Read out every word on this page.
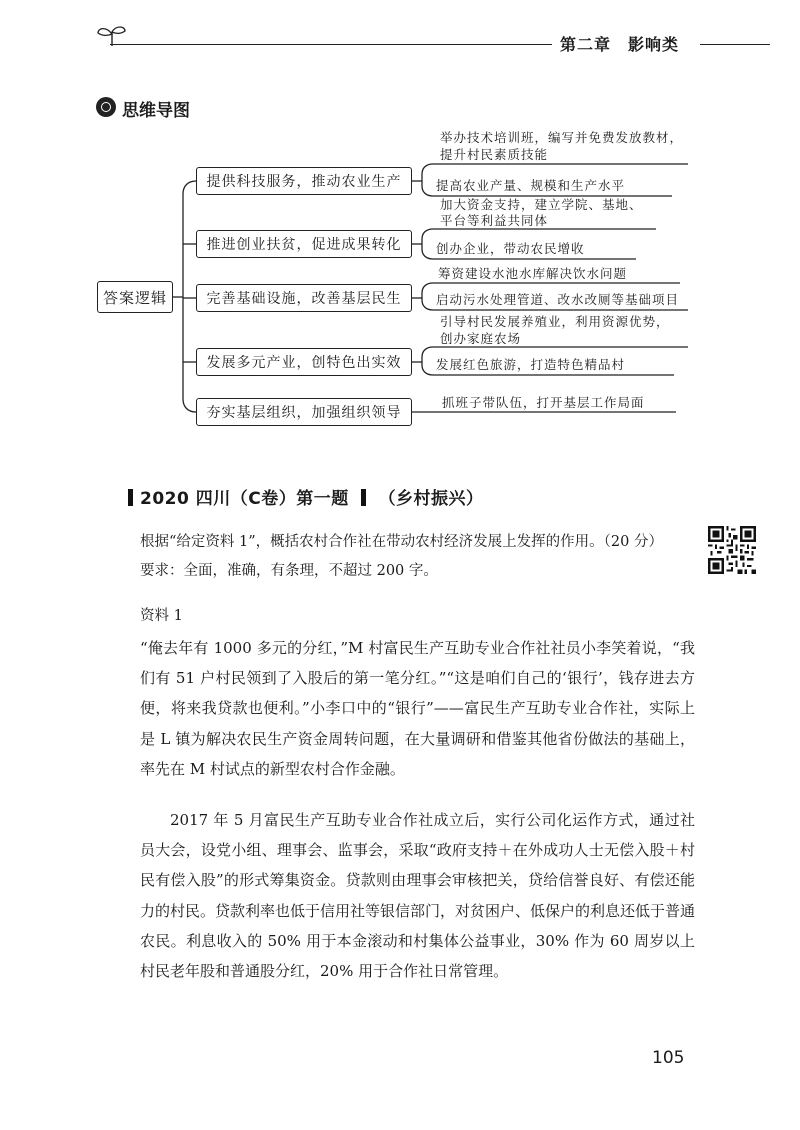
第二章　影响类
思维导图
答案逻辑
提供科技服务，推动农业生产
推进创业扶贫，促进成果转化
完善基础设施，改善基层民生
发展多元产业，创特色出实效
夯实基层组织，加强组织领导
举办技术培训班，编写并免费发放教材，
提升村民素质技能
提高农业产量、规模和生产水平
加大资金支持，建立学院、基地、
平台等利益共同体
创办企业，带动农民增收
筹资建设水池水库解决饮水问题
启动污水处理管道、改水改厕等基础项目
引导村民发展养殖业，利用资源优势，
创办家庭农场
发展红色旅游，打造特色精品村
抓班子带队伍，打开基层工作局面
2020 四川（C卷）第一题 （乡村振兴）
根据“给定资料 1”，概括农村合作社在带动农村经济发展上发挥的作用。（20 分）
要求：全面，准确，有条理，不超过 200 字。
资料 1
“俺去年有 1000 多元的分红，”M 村富民生产互助专业合作社社员小李笑着说，“我们有 51 户村民领到了入股后的第一笔分红。”“这是咱们自己的‘银行’，钱存进去方便，将来我贷款也便利。”小李口中的“银行”——富民生产互助专业合作社，实际上是 L 镇为解决农民生产资金周转问题，在大量调研和借鉴其他省份做法的基础上，率先在 M 村试点的新型农村合作金融。
2017 年 5 月富民生产互助专业合作社成立后，实行公司化运作方式，通过社员大会，设党小组、理事会、监事会，采取“政府支持＋在外成功人士无偿入股＋村民有偿入股”的形式筹集资金。贷款则由理事会审核把关，贷给信誉良好、有偿还能力的村民。贷款利率也低于信用社等银信部门，对贫困户、低保户的利息还低于普通农民。利息收入的 50% 用于本金滚动和村集体公益事业，30% 作为 60 周岁以上村民老年股和普通股分红，20% 用于合作社日常管理。
105
